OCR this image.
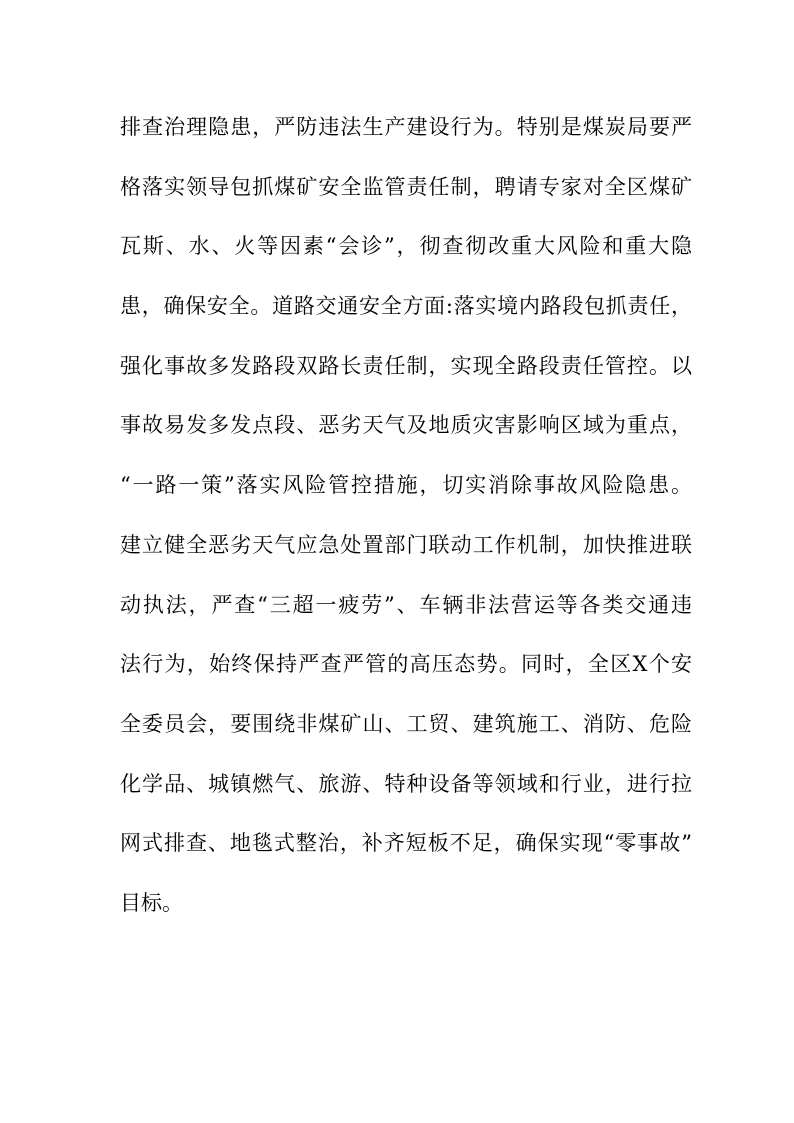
排查治理隐患，严防违法生产建设行为。特别是煤炭局要严
格落实领导包抓煤矿安全监管责任制，聘请专家对全区煤矿
瓦斯、水、火等因素“会诊”，彻查彻改重大风险和重大隐
患，确保安全。道路交通安全方面:落实境内路段包抓责任，
强化事故多发路段双路长责任制，实现全路段责任管控。以
事故易发多发点段、恶劣天气及地质灾害影响区域为重点，
“一路一策”落实风险管控措施，切实消除事故风险隐患。
建立健全恶劣天气应急处置部门联动工作机制，加快推进联
动执法，严查“三超一疲劳”、车辆非法营运等各类交通违
法行为，始终保持严查严管的高压态势。同时，全区X个安
全委员会，要围绕非煤矿山、工贸、建筑施工、消防、危险
化学品、城镇燃气、旅游、特种设备等领域和行业，进行拉
网式排查、地毯式整治，补齐短板不足，确保实现“零事故”
目标。
